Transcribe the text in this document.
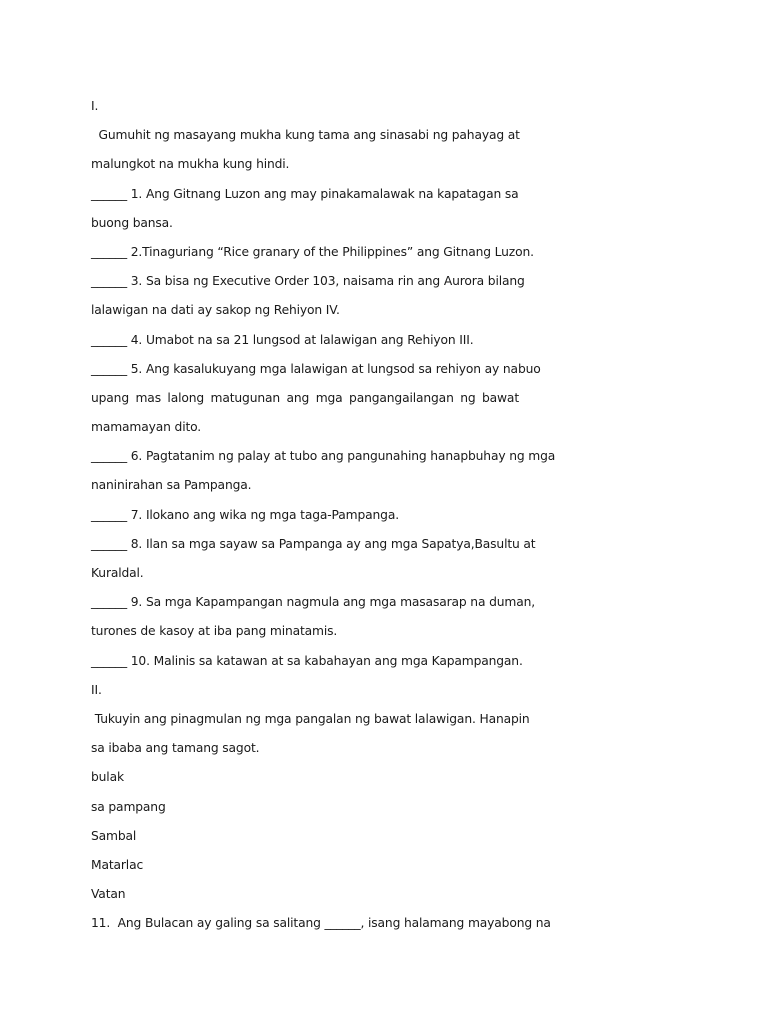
I.
Gumuhit ng masayang mukha kung tama ang sinasabi ng pahayag at
malungkot na mukha kung hindi.
______ 1. Ang Gitnang Luzon ang may pinakamalawak na kapatagan sa
buong bansa.
______ 2.Tinaguriang “Rice granary of the Philippines” ang Gitnang Luzon.
______ 3. Sa bisa ng Executive Order 103, naisama rin ang Aurora bilang
lalawigan na dati ay sakop ng Rehiyon IV.
______ 4. Umabot na sa 21 lungsod at lalawigan ang Rehiyon III.
______ 5. Ang kasalukuyang mga lalawigan at lungsod sa rehiyon ay nabuo
upang mas lalong matugunan ang mga pangangailangan ng bawat
mamamayan dito.
______ 6. Pagtatanim ng palay at tubo ang pangunahing hanapbuhay ng mga
naninirahan sa Pampanga.
______ 7. Ilokano ang wika ng mga taga-Pampanga.
______ 8. Ilan sa mga sayaw sa Pampanga ay ang mga Sapatya,Basultu at
Kuraldal.
______ 9. Sa mga Kapampangan nagmula ang mga masasarap na duman,
turones de kasoy at iba pang minatamis.
______ 10. Malinis sa katawan at sa kabahayan ang mga Kapampangan.
II.
Tukuyin ang pinagmulan ng mga pangalan ng bawat lalawigan. Hanapin
sa ibaba ang tamang sagot.
bulak
sa pampang
Sambal
Matarlac
Vatan
11.  Ang Bulacan ay galing sa salitang ______, isang halamang mayabong na
